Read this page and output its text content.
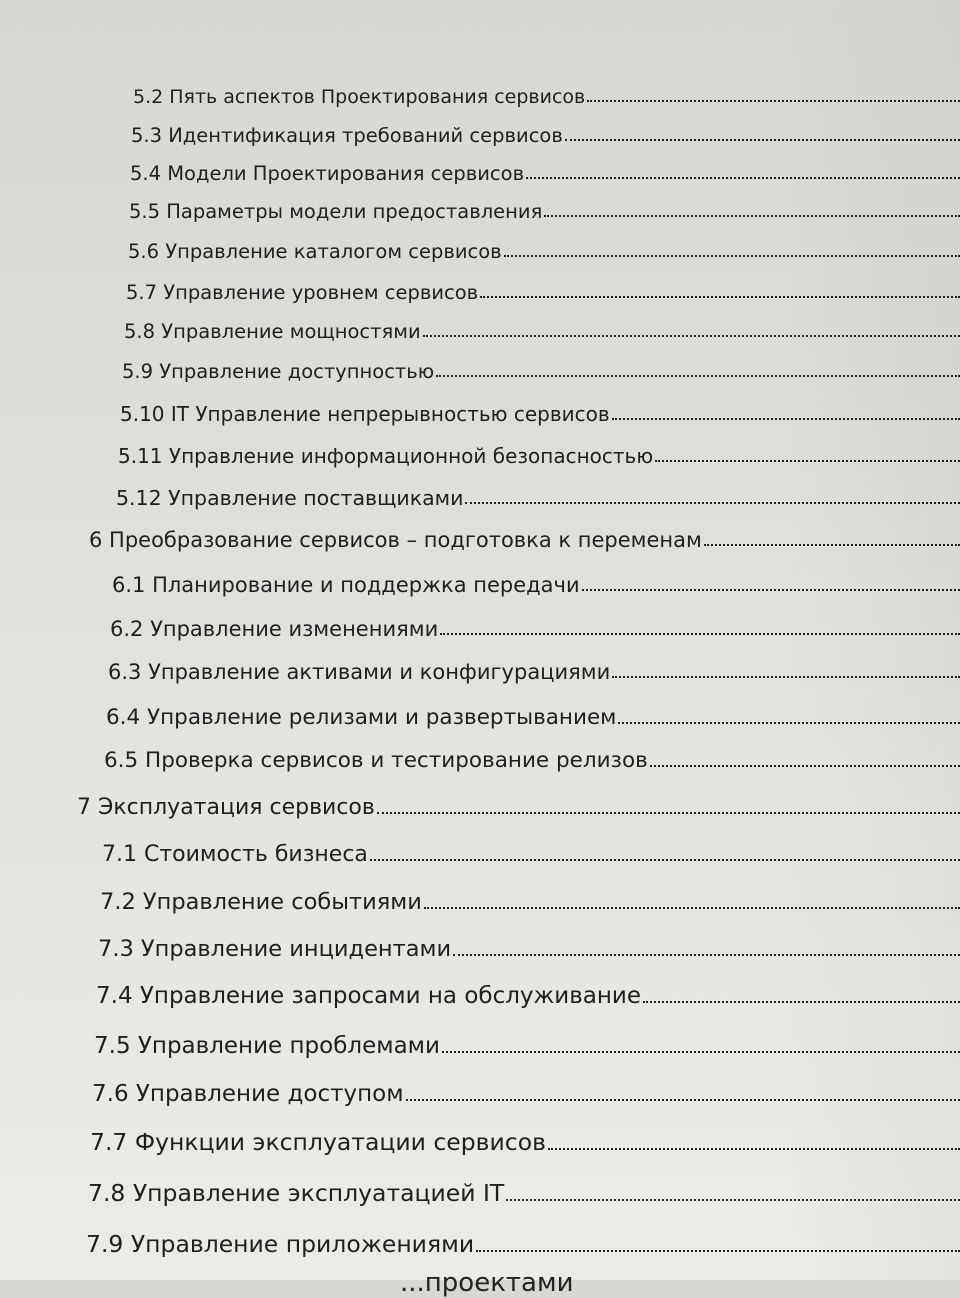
5.2 Пять аспектов Проектирования сервисов
5.3 Идентификация требований сервисов
5.4 Модели Проектирования сервисов
5.5 Параметры модели предоставления
5.6 Управление каталогом сервисов
5.7 Управление уровнем сервисов
5.8 Управление мощностями
5.9 Управление доступностью
5.10 IT Управление непрерывностью сервисов
5.11 Управление информационной безопасностью
5.12 Управление поставщиками
6 Преобразование сервисов – подготовка к переменам
6.1 Планирование и поддержка передачи
6.2 Управление изменениями
6.3 Управление активами и конфигурациями
6.4 Управление релизами и развертыванием
6.5 Проверка сервисов и тестирование релизов
7 Эксплуатация сервисов
7.1 Стоимость бизнеса
7.2 Управление событиями
7.3 Управление инцидентами
7.4 Управление запросами на обслуживание
7.5 Управление проблемами
7.6 Управление доступом
7.7 Функции эксплуатации сервисов
7.8 Управление эксплуатацией IT
7.9 Управление приложениями
...проектами
